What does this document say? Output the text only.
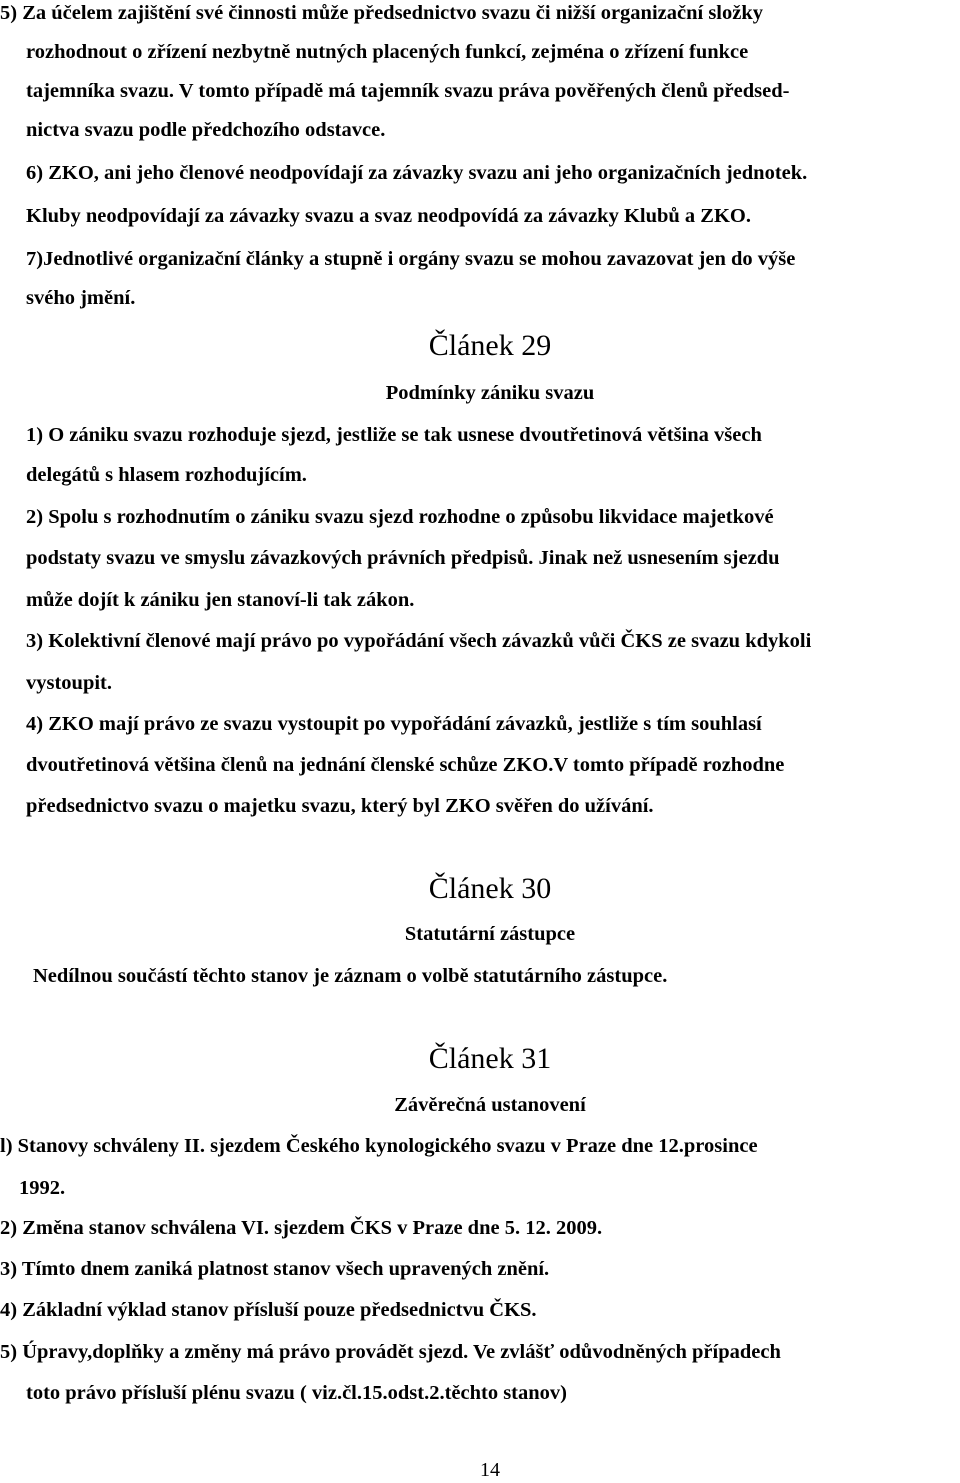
5) Za účelem zajištění své činnosti může předsednictvo svazu či nižší organizační složky
rozhodnout o zřízení nezbytně nutných placených funkcí, zejména o zřízení funkce
tajemníka svazu. V tomto případě má tajemník svazu práva pověřených členů předsed-
nictva svazu podle předchozího odstavce.
6) ZKO, ani jeho členové neodpovídají za závazky svazu ani jeho organizačních jednotek.
Kluby neodpovídají za závazky svazu a svaz neodpovídá za závazky Klubů a ZKO.
7)Jednotlivé organizační články a stupně i orgány svazu se mohou zavazovat jen do výše
svého jmění.
Článek 29
Podmínky zániku svazu
1) O zániku svazu rozhoduje sjezd, jestliže se tak usnese dvoutřetinová většina všech
delegátů s hlasem rozhodujícím.
2) Spolu s rozhodnutím o zániku svazu sjezd rozhodne o způsobu likvidace majetkové
podstaty svazu ve smyslu závazkových právních předpisů. Jinak než usnesením sjezdu
může dojít k zániku jen stanoví-li tak zákon.
3) Kolektivní členové mají právo po vypořádání všech závazků vůči ČKS ze svazu kdykoli
vystoupit.
4) ZKO mají právo ze svazu vystoupit po vypořádání závazků, jestliže s tím souhlasí
dvoutřetinová většina členů na jednání členské schůze ZKO.V tomto případě rozhodne
předsednictvo svazu o majetku svazu, který byl ZKO svěřen do užívání.
Článek 30
Statutární zástupce
Nedílnou součástí těchto stanov je záznam o volbě statutárního zástupce.
Článek 31
Závěrečná ustanovení
l) Stanovy schváleny II. sjezdem Českého kynologického svazu v Praze dne 12.prosince
1992.
2) Změna stanov schválena VI. sjezdem ČKS v Praze dne 5. 12. 2009.
3) Tímto dnem zaniká platnost stanov všech upravených znění.
4) Základní výklad stanov přísluší pouze předsednictvu ČKS.
5) Úpravy,doplňky a změny má právo provádět sjezd. Ve zvlášť odůvodněných případech
toto právo přísluší plénu svazu ( viz.čl.15.odst.2.těchto stanov)
14
